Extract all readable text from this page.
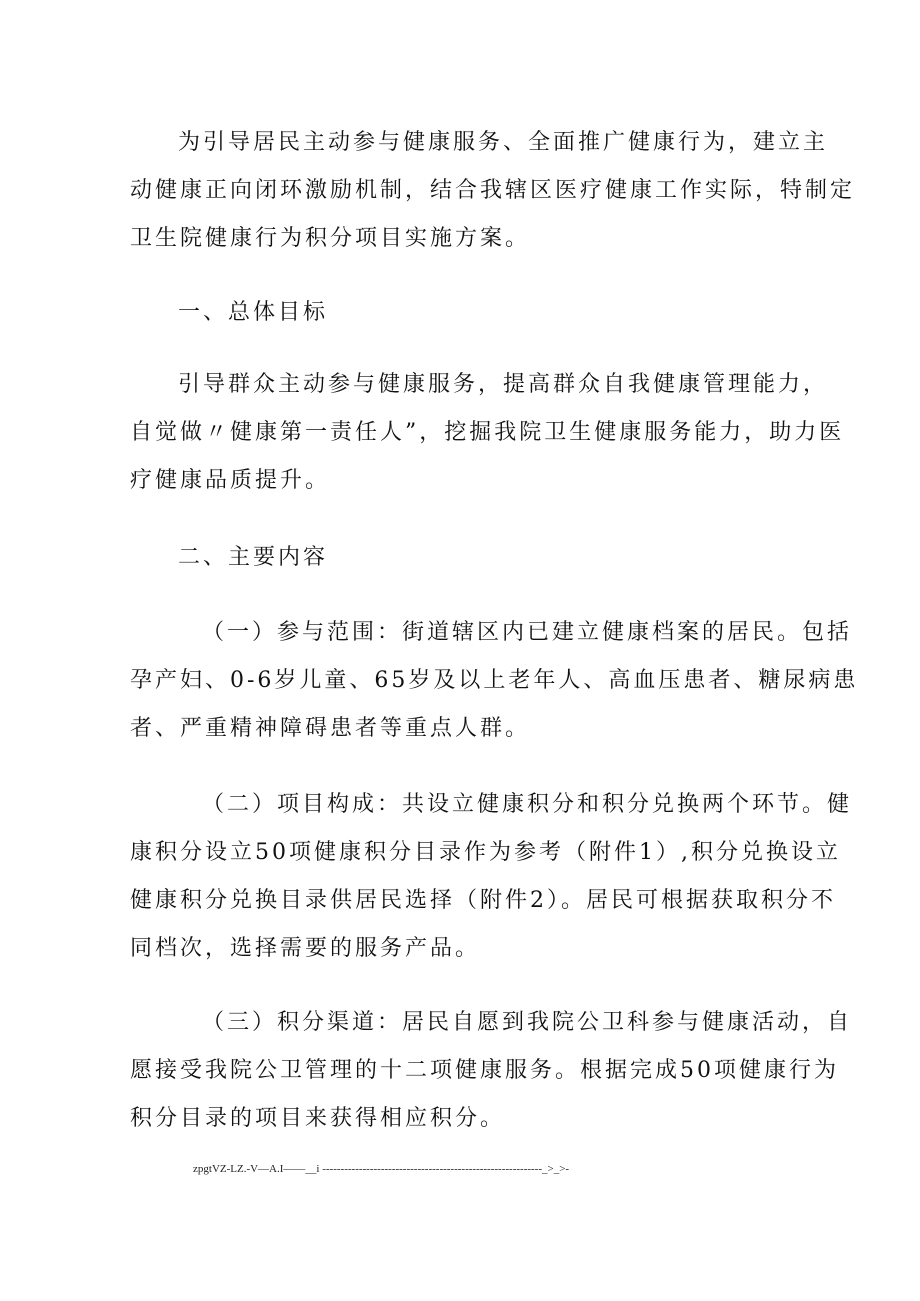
为引导居民主动参与健康服务、全面推广健康行为，建立主
动健康正向闭环激励机制，结合我辖区医疗健康工作实际，特制定
卫生院健康行为积分项目实施方案。

一、总体目标

引导群众主动参与健康服务，提高群众自我健康管理能力，
自觉做〃健康第一责任人”，挖掘我院卫生健康服务能力，助力医
疗健康品质提升。

二、主要内容

（一）参与范围：街道辖区内已建立健康档案的居民。包括
孕产妇、0-6岁儿童、65岁及以上老年人、高血压患者、糖尿病患
者、严重精神障碍患者等重点人群。

（二）项目构成：共设立健康积分和积分兑换两个环节。健
康积分设立50项健康积分目录作为参考（附件1）,积分兑换设立
健康积分兑换目录供居民选择（附件2）。居民可根据获取积分不
同档次，选择需要的服务产品。

（三）积分渠道：居民自愿到我院公卫科参与健康活动，自
愿接受我院公卫管理的十二项健康服务。根据完成50项健康行为
积分目录的项目来获得相应积分。

zpgtVZ-LZ.-V—A.I——__i ------------------------------------------------------------_>_>-
